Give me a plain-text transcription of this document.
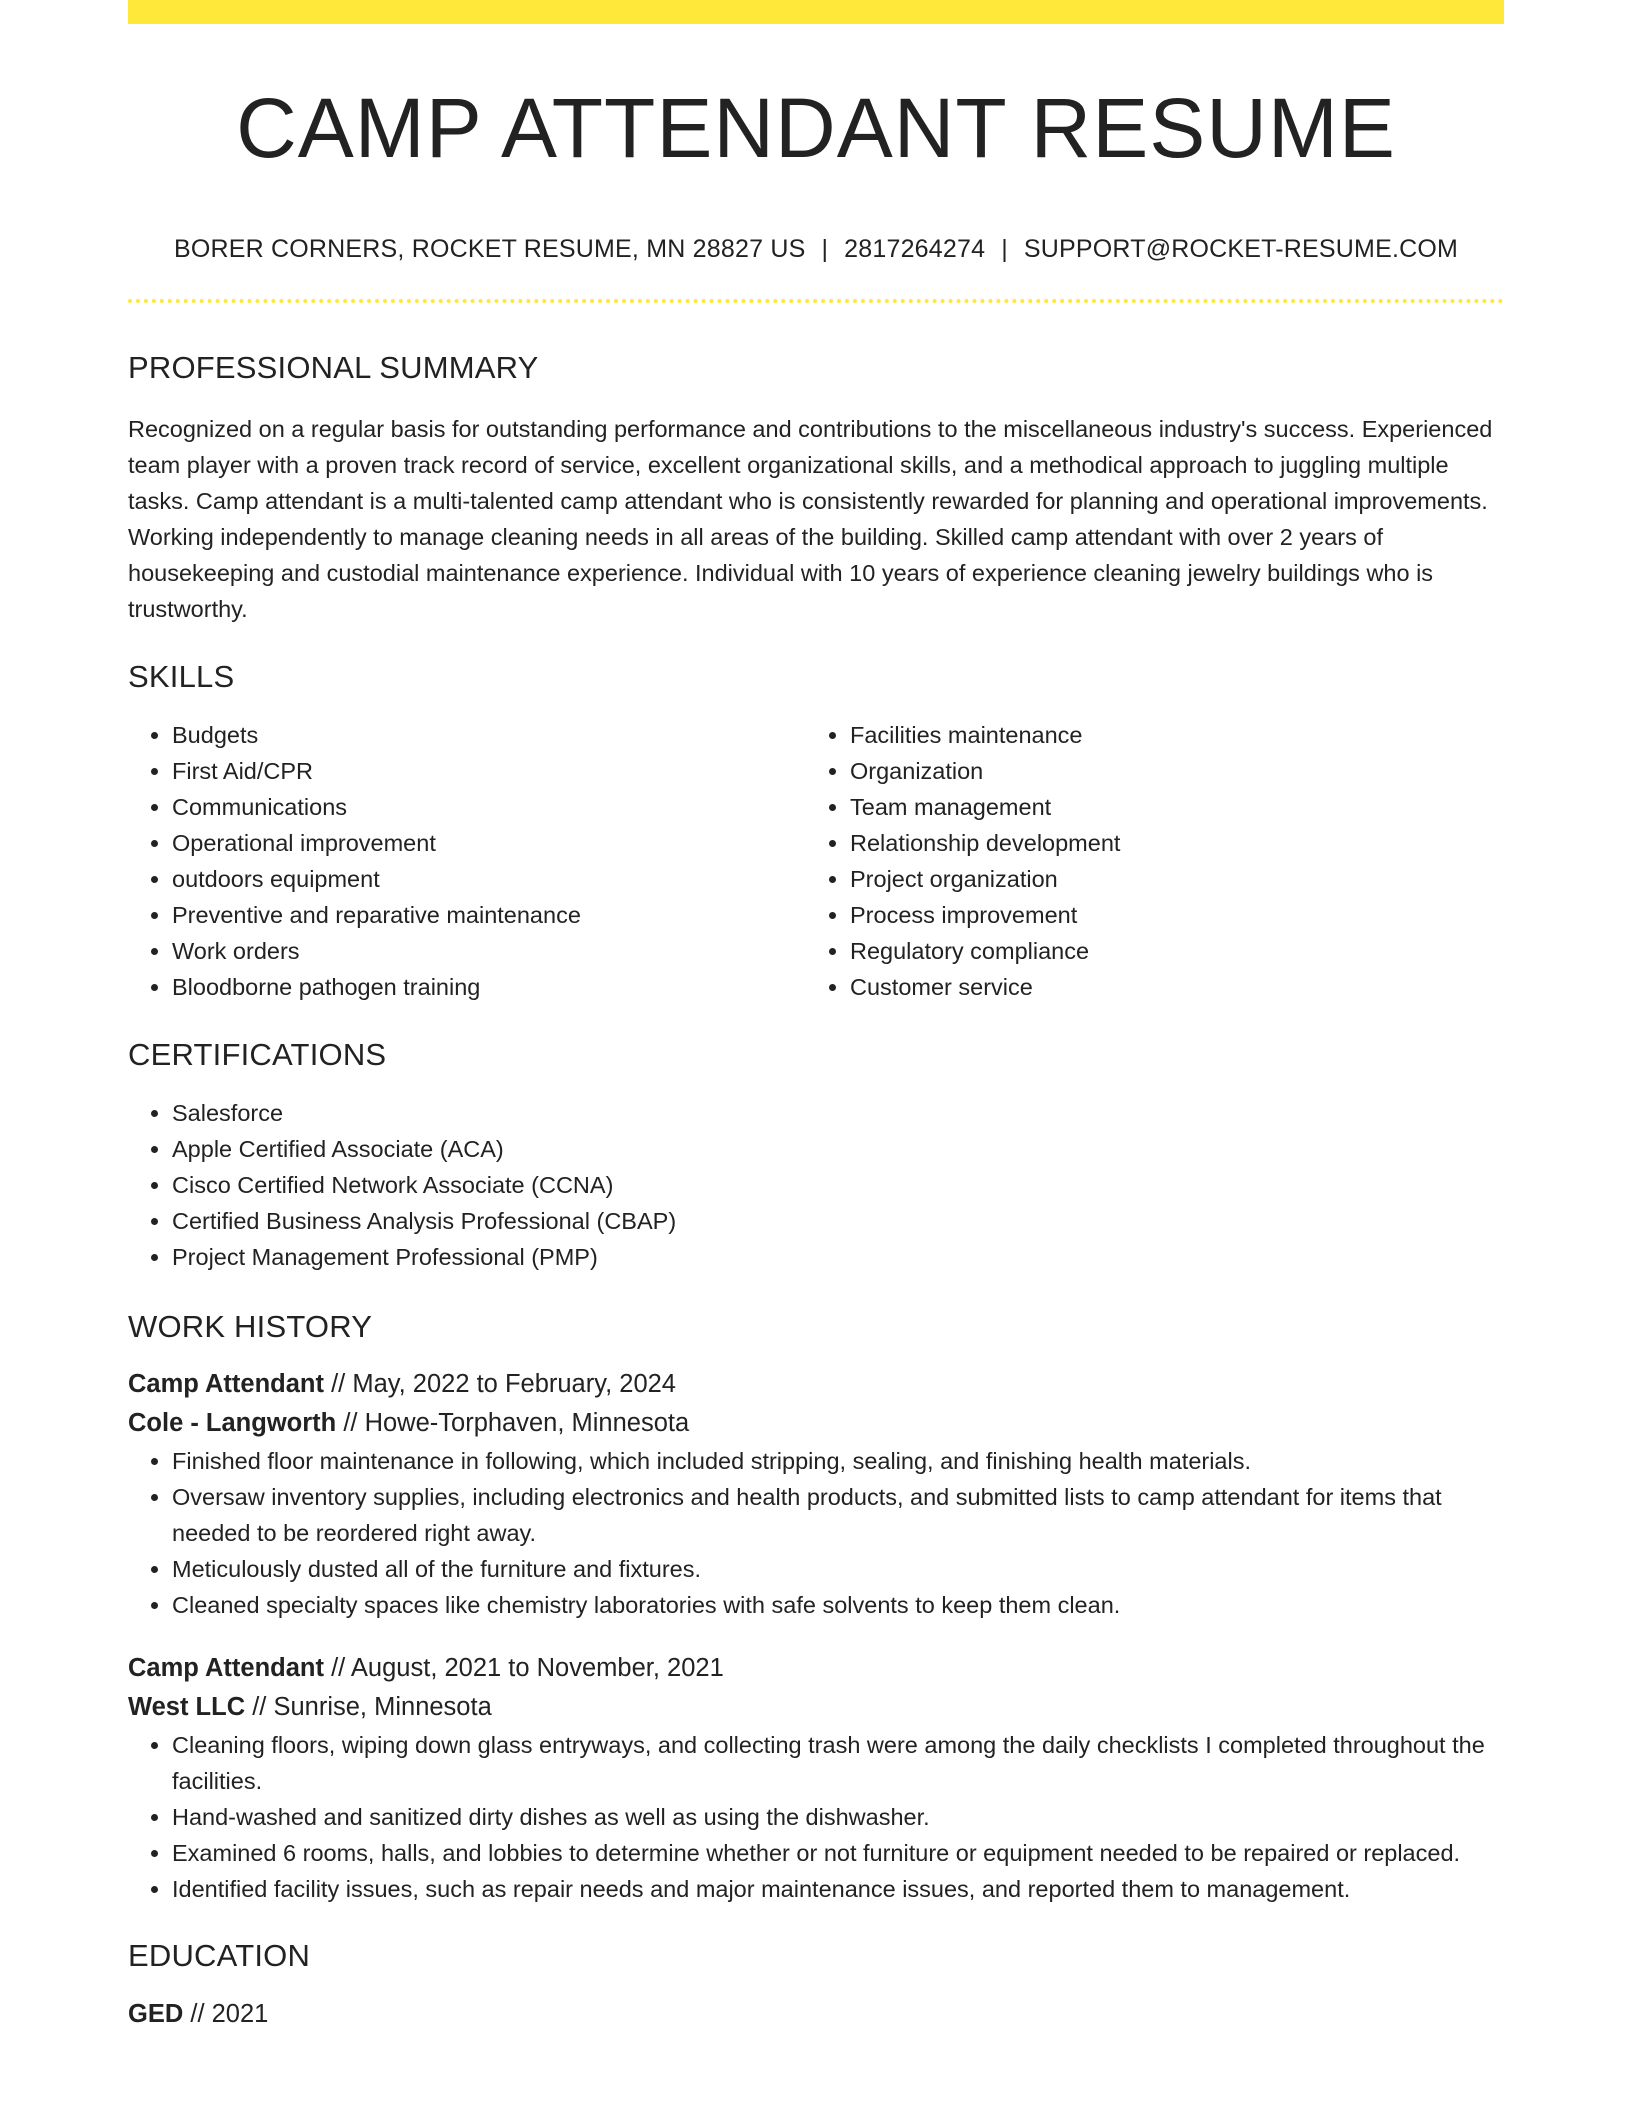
CAMP ATTENDANT RESUME
BORER CORNERS, ROCKET RESUME, MN 28827 US | 2817264274 | SUPPORT@ROCKET-RESUME.COM
PROFESSIONAL SUMMARY

Recognized on a regular basis for outstanding performance and contributions to the miscellaneous industry's success. Experienced team player with a proven track record of service, excellent organizational skills, and a methodical approach to juggling multiple tasks. Camp attendant is a multi-talented camp attendant who is consistently rewarded for planning and operational improvements. Working independently to manage cleaning needs in all areas of the building. Skilled camp attendant with over 2 years of housekeeping and custodial maintenance experience. Individual with 10 years of experience cleaning jewelry buildings who is trustworthy.

SKILLS
• Budgets
• First Aid/CPR
• Communications
• Operational improvement
• outdoors equipment
• Preventive and reparative maintenance
• Work orders
• Bloodborne pathogen training
• Facilities maintenance
• Organization
• Team management
• Relationship development
• Project organization
• Process improvement
• Regulatory compliance
• Customer service
CERTIFICATIONS
• Salesforce
• Apple Certified Associate (ACA)
• Cisco Certified Network Associate (CCNA)
• Certified Business Analysis Professional (CBAP)
• Project Management Professional (PMP)
WORK HISTORY
Camp Attendant // May, 2022 to February, 2024
Cole - Langworth // Howe-Torphaven, Minnesota
• Finished floor maintenance in following, which included stripping, sealing, and finishing health materials.
• Oversaw inventory supplies, including electronics and health products, and submitted lists to camp attendant for items that needed to be reordered right away.
• Meticulously dusted all of the furniture and fixtures.
• Cleaned specialty spaces like chemistry laboratories with safe solvents to keep them clean.
Camp Attendant // August, 2021 to November, 2021
West LLC // Sunrise, Minnesota
• Cleaning floors, wiping down glass entryways, and collecting trash were among the daily checklists I completed throughout the facilities.
• Hand-washed and sanitized dirty dishes as well as using the dishwasher.
• Examined 6 rooms, halls, and lobbies to determine whether or not furniture or equipment needed to be repaired or replaced.
• Identified facility issues, such as repair needs and major maintenance issues, and reported them to management.
EDUCATION
GED // 2021
